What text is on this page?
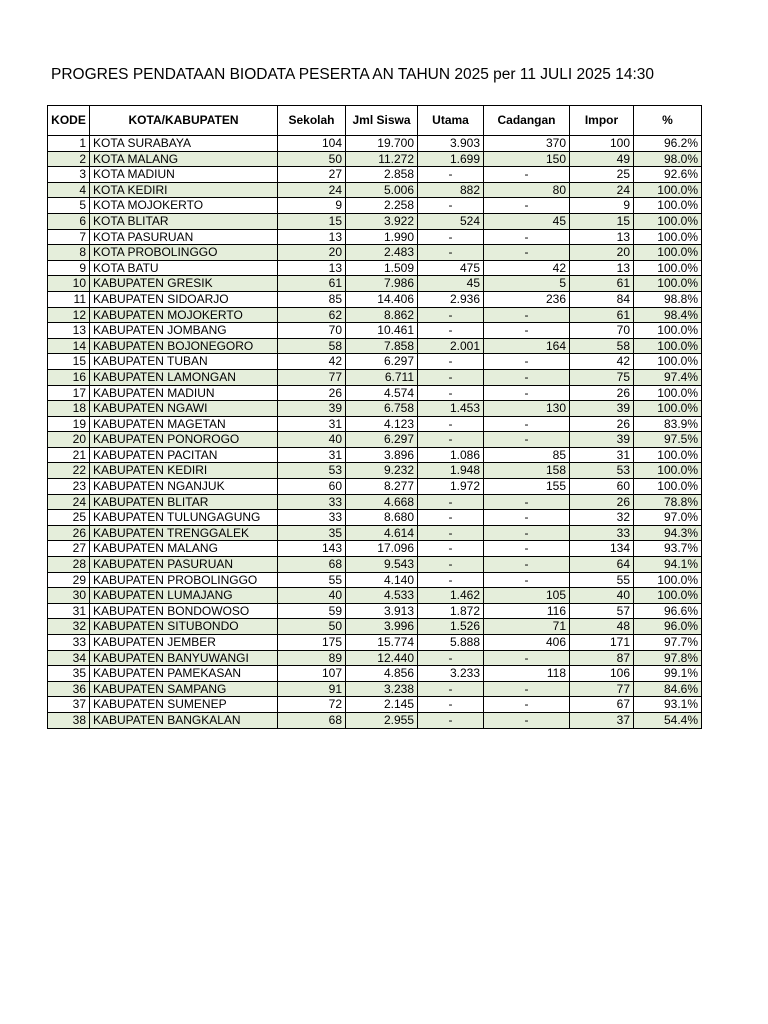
PROGRES PENDATAAN BIODATA PESERTA AN TAHUN 2025 per 11 JULI 2025 14:30
KODE	KOTA/KABUPATEN	Sekolah	Jml Siswa	Utama	Cadangan	Impor	%
1	KOTA SURABAYA	104	19.700	3.903	370	100	96.2%
2	KOTA MALANG	50	11.272	1.699	150	49	98.0%
3	KOTA MADIUN	27	2.858	-	-	25	92.6%
4	KOTA KEDIRI	24	5.006	882	80	24	100.0%
5	KOTA MOJOKERTO	9	2.258	-	-	9	100.0%
6	KOTA BLITAR	15	3.922	524	45	15	100.0%
7	KOTA PASURUAN	13	1.990	-	-	13	100.0%
8	KOTA PROBOLINGGO	20	2.483	-	-	20	100.0%
9	KOTA BATU	13	1.509	475	42	13	100.0%
10	KABUPATEN GRESIK	61	7.986	45	5	61	100.0%
11	KABUPATEN SIDOARJO	85	14.406	2.936	236	84	98.8%
12	KABUPATEN MOJOKERTO	62	8.862	-	-	61	98.4%
13	KABUPATEN JOMBANG	70	10.461	-	-	70	100.0%
14	KABUPATEN BOJONEGORO	58	7.858	2.001	164	58	100.0%
15	KABUPATEN TUBAN	42	6.297	-	-	42	100.0%
16	KABUPATEN LAMONGAN	77	6.711	-	-	75	97.4%
17	KABUPATEN MADIUN	26	4.574	-	-	26	100.0%
18	KABUPATEN NGAWI	39	6.758	1.453	130	39	100.0%
19	KABUPATEN MAGETAN	31	4.123	-	-	26	83.9%
20	KABUPATEN PONOROGO	40	6.297	-	-	39	97.5%
21	KABUPATEN PACITAN	31	3.896	1.086	85	31	100.0%
22	KABUPATEN KEDIRI	53	9.232	1.948	158	53	100.0%
23	KABUPATEN NGANJUK	60	8.277	1.972	155	60	100.0%
24	KABUPATEN BLITAR	33	4.668	-	-	26	78.8%
25	KABUPATEN TULUNGAGUNG	33	8.680	-	-	32	97.0%
26	KABUPATEN TRENGGALEK	35	4.614	-	-	33	94.3%
27	KABUPATEN MALANG	143	17.096	-	-	134	93.7%
28	KABUPATEN PASURUAN	68	9.543	-	-	64	94.1%
29	KABUPATEN PROBOLINGGO	55	4.140	-	-	55	100.0%
30	KABUPATEN LUMAJANG	40	4.533	1.462	105	40	100.0%
31	KABUPATEN BONDOWOSO	59	3.913	1.872	116	57	96.6%
32	KABUPATEN SITUBONDO	50	3.996	1.526	71	48	96.0%
33	KABUPATEN JEMBER	175	15.774	5.888	406	171	97.7%
34	KABUPATEN BANYUWANGI	89	12.440	-	-	87	97.8%
35	KABUPATEN PAMEKASAN	107	4.856	3.233	118	106	99.1%
36	KABUPATEN SAMPANG	91	3.238	-	-	77	84.6%
37	KABUPATEN SUMENEP	72	2.145	-	-	67	93.1%
38	KABUPATEN BANGKALAN	68	2.955	-	-	37	54.4%
